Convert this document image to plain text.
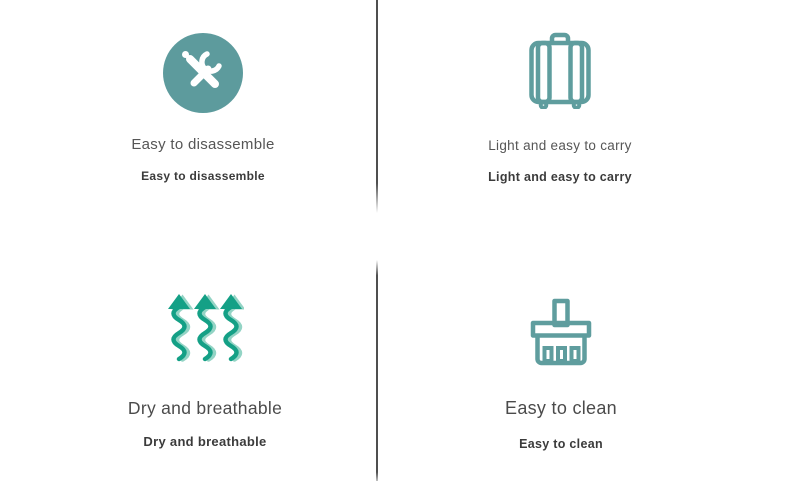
Easy to disassemble
Easy to disassemble
Light and easy to carry
Light and easy to carry
Dry and breathable
Dry and breathable
Easy to clean
Easy to clean
